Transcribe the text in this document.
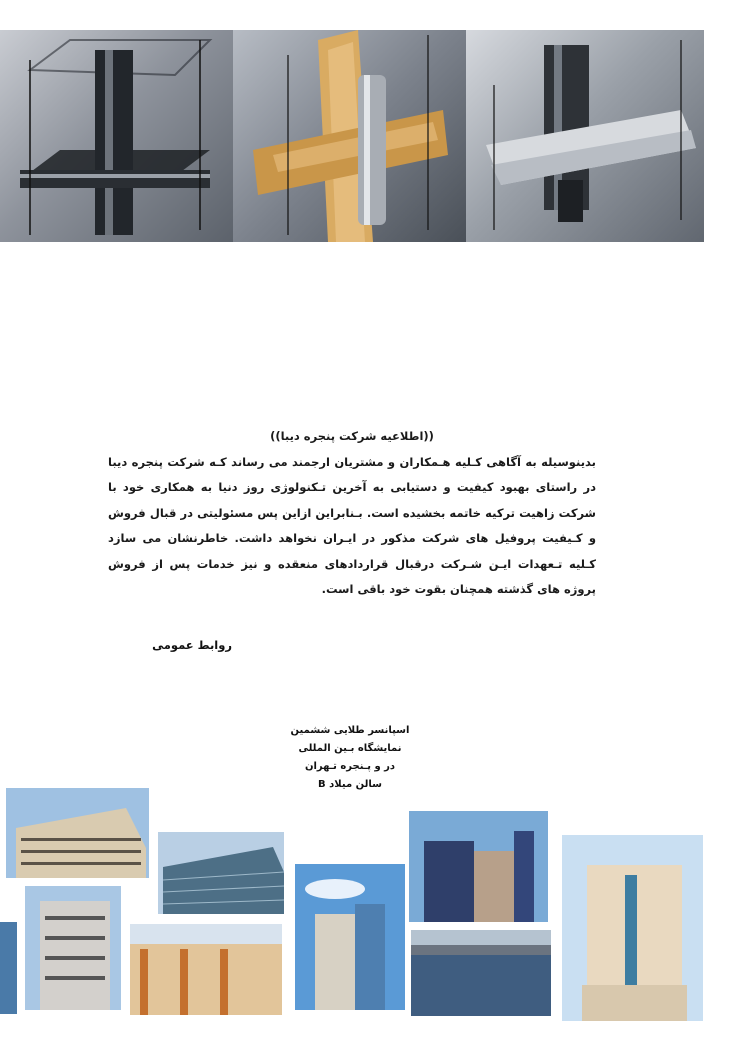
((اطلاعیه شرکت پنجره دیبا))
بدینوسیله به آگاهی کـلیه هـمکاران و مشتریان ارجمند می رساند کـه شرکت پنجره دیبا در راستای بهبود کیفیت و دستیابی به آخرین تـکنولوژی روز دنیا به همکاری خود با شرکت زاهیت ترکیه خاتمه بخشیده است. بـنابراین ازاین پس مسئولیتی در قبال فروش و کـیفیت پروفیل های شرکت مذکور در ایـران نخواهد داشت. خاطرنشان می سازد کـلیه تـعهدات ایـن شـرکت درقبال قراردادهای منعقده و نیز خدمات پس از فروش پروژه های گذشته همچنان بقوت خود باقی است.
روابط عمومی
اسپانسر طلایی ششمین
نمایشگاه بـین المللی
در و پـنجره تـهران
سالن میلاد B
